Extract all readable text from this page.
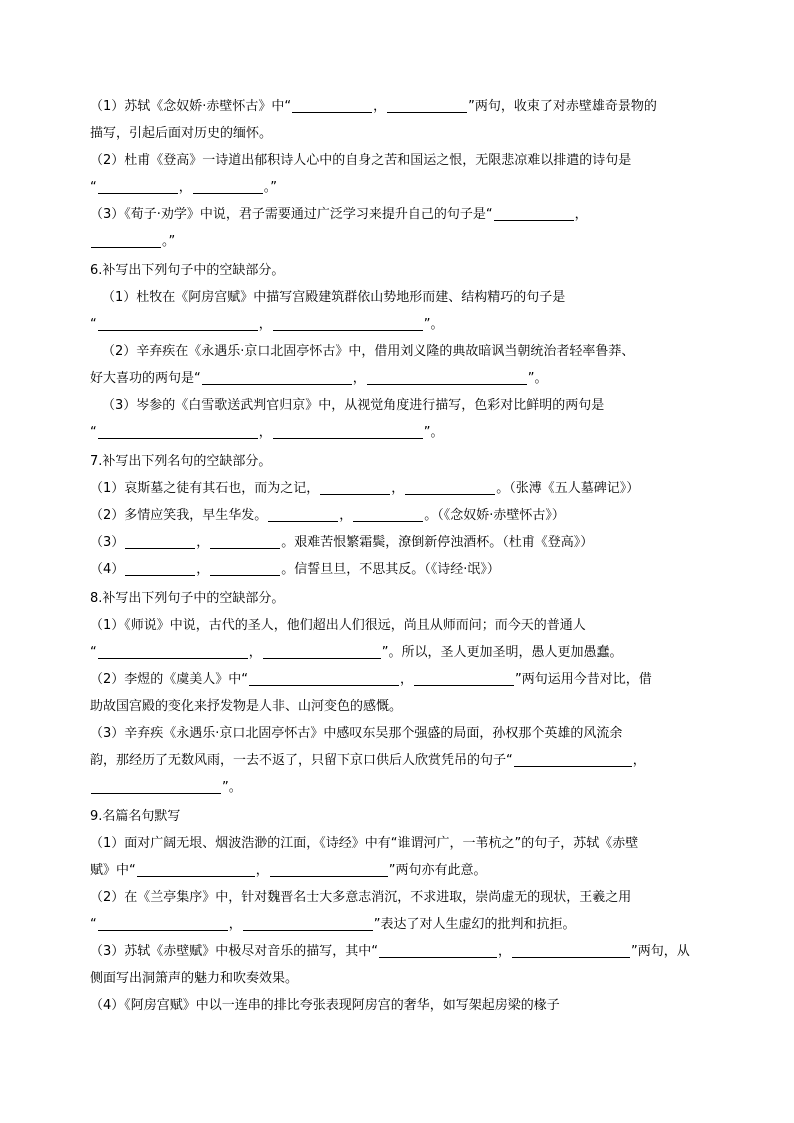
（1）苏轼《念奴娇·赤壁怀古》中“	，	”两句，收束了对赤壁雄奇景物的
描写，引起后面对历史的缅怀。
（2）杜甫《登高》一诗道出郁积诗人心中的自身之苦和国运之恨，无限悲凉难以排遣的诗句是
“	，	。”
（3）《荀子·劝学》中说，君子需要通过广泛学习来提升自己的句子是“	，
。”
6.补写出下列句子中的空缺部分。
（1）杜牧在《阿房宫赋》中描写宫殿建筑群依山势地形而建、结构精巧的句子是
“	，	”。
（2）辛弃疾在《永遇乐·京口北固亭怀古》中，借用刘义隆的典故暗讽当朝统治者轻率鲁莽、
好大喜功的两句是“	，	”。
（3）岑参的《白雪歌送武判官归京》中，从视觉角度进行描写，色彩对比鲜明的两句是
“	，	”。
7.补写出下列名句的空缺部分。
（1）哀斯墓之徒有其石也，而为之记，	，	。（张溥《五人墓碑记》）
（2）多情应笑我，早生华发。	，	。（《念奴娇·赤壁怀古》）
（3）	，	。艰难苦恨繁霜鬓，潦倒新停浊酒杯。（杜甫《登高》）
（4）	，	。信誓旦旦，不思其反。（《诗经·氓》）
8.补写出下列句子中的空缺部分。
（1）《师说》中说，古代的圣人，他们超出人们很远，尚且从师而问；而今天的普通人
“	，	”。所以，圣人更加圣明，愚人更加愚蠢。
（2）李煜的《虞美人》中“	，	”两句运用今昔对比，借
助故国宫殿的变化来抒发物是人非、山河变色的感慨。
（3）辛弃疾《永遇乐·京口北固亭怀古》中感叹东吴那个强盛的局面，孙权那个英雄的风流余
韵，那经历了无数风雨，一去不返了，只留下京口供后人欣赏凭吊的句子“	，
”。
9.名篇名句默写
（1）面对广阔无垠、烟波浩渺的江面，《诗经》中有“谁谓河广，一苇杭之”的句子，苏轼《赤壁
赋》中“	，	”两句亦有此意。
（2）在《兰亭集序》中，针对魏晋名士大多意志消沉，不求进取，崇尚虚无的现状，王羲之用
“	，	”表达了对人生虚幻的批判和抗拒。
（3）苏轼《赤壁赋》中极尽对音乐的描写，其中“	，	”两句，从
侧面写出洞箫声的魅力和吹奏效果。
（4）《阿房宫赋》中以一连串的排比夸张表现阿房宫的奢华，如写架起房梁的椽子
